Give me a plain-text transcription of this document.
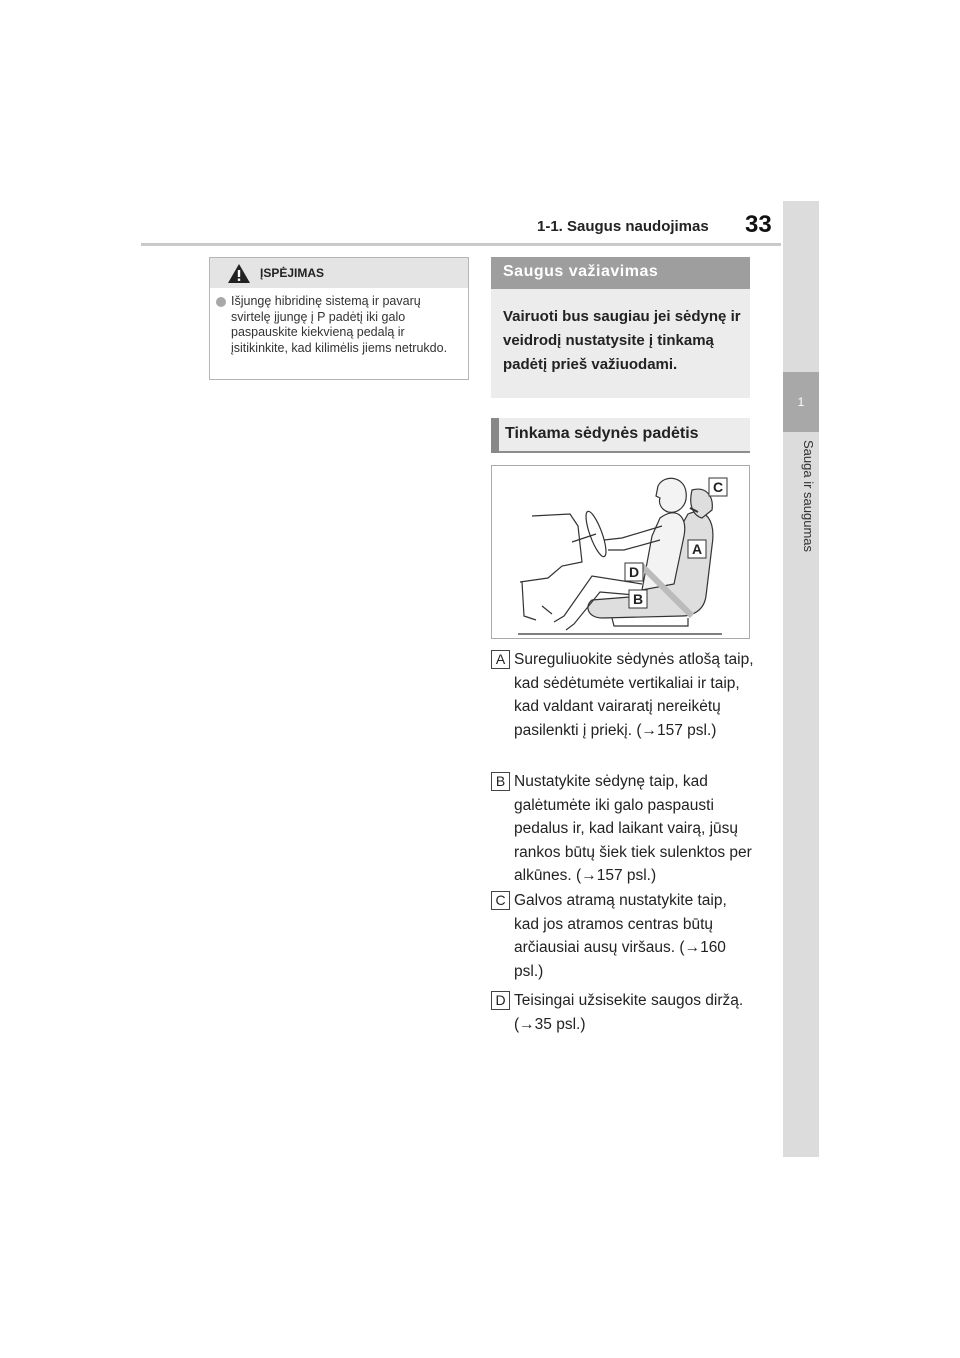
1-1. Saugus naudojimas 33
1
Sauga ir saugumas
ĮSPĖJIMAS
Išjungę hibridinę sistemą ir pavarų svirtelę įjungę į P padėtį iki galo paspauskite kiekvieną pedalą ir įsitikinkite, kad kilimėlis jiems netrukdo.
Saugus važiavimas
Vairuoti bus saugiau jei sėdynę ir veidrodį nustatysite į tinkamą padėtį prieš važiuodami.
Tinkama sėdynės padėtis
C
A
D
B
A Sureguliuokite sėdynės atlošą taip, kad sėdėtumėte vertikaliai ir taip, kad valdant vairaratį nereikėtų pasilenkti į priekį. (→157 psl.)
B Nustatykite sėdynę taip, kad galėtumėte iki galo paspausti pedalus ir, kad laikant vairą, jūsų rankos būtų šiek tiek sulenktos per alkūnes. (→157 psl.)
C Galvos atramą nustatykite taip, kad jos atramos centras būtų arčiausiai ausų viršaus. (→160 psl.)
D Teisingai užsisekite saugos diržą. (→35 psl.)
